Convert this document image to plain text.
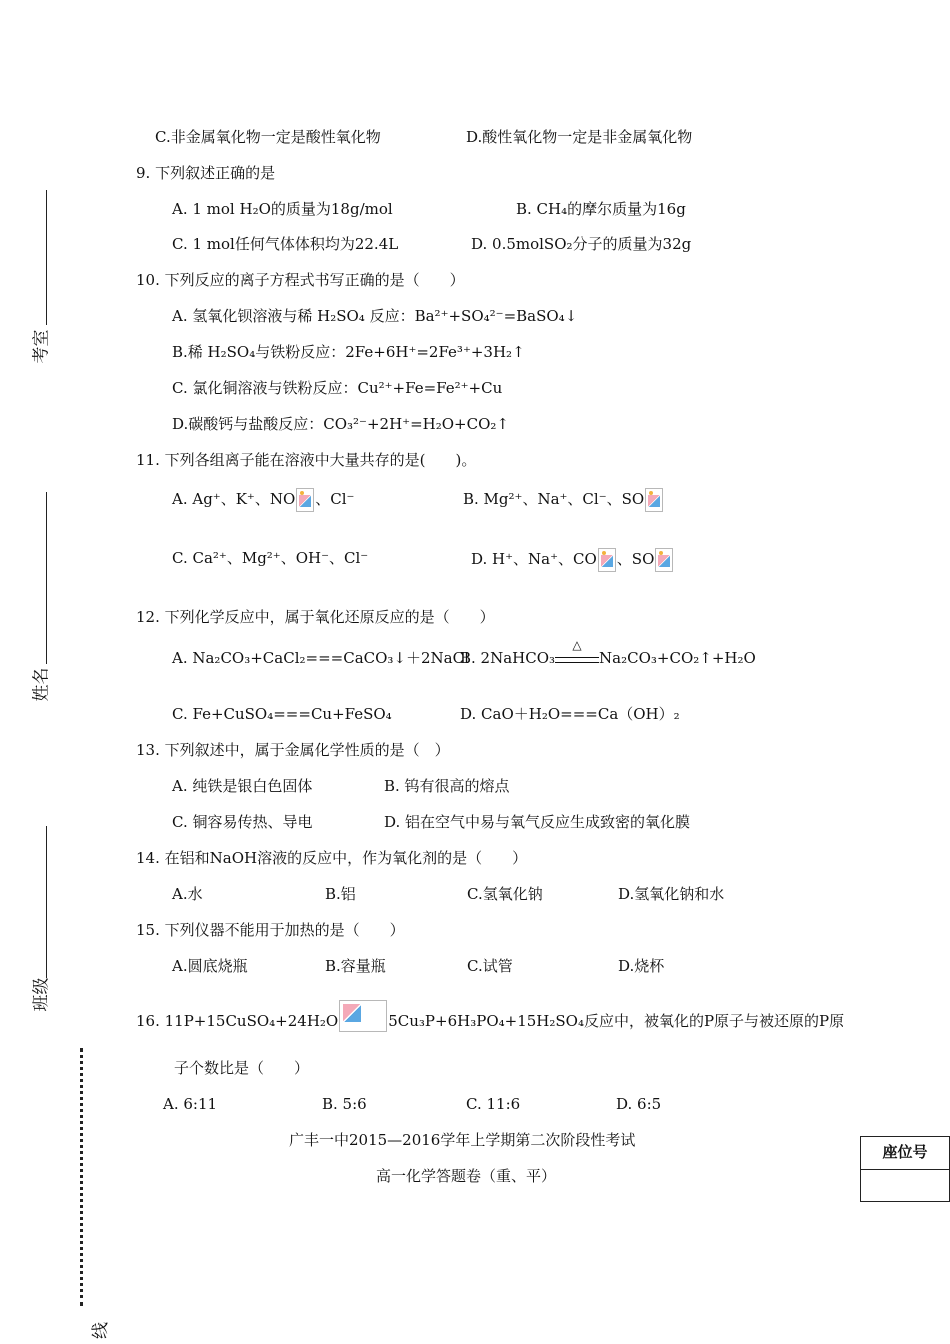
考室
姓名
班级
线
C.非金属氧化物一定是酸性氧化物	D.酸性氧化物一定是非金属氧化物
9. 下列叙述正确的是
A. 1 mol H₂O的质量为18g/mol	B. CH₄的摩尔质量为16g
C. 1 mol任何气体体积均为22.4L	D. 0.5molSO₂分子的质量为32g
10. 下列反应的离子方程式书写正确的是（　　）
A. 氢氧化钡溶液与稀 H₂SO₄ 反应：Ba²⁺+SO₄²⁻=BaSO₄↓
B.稀 H₂SO₄与铁粉反应：2Fe+6H⁺=2Fe³⁺+3H₂↑
C. 氯化铜溶液与铁粉反应：Cu²⁺+Fe=Fe²⁺+Cu
D.碳酸钙与盐酸反应：CO₃²⁻+2H⁺=H₂O+CO₂↑
11. 下列各组离子能在溶液中大量共存的是(　　)。
A. Ag⁺、K⁺、NO 、Cl⁻	B. Mg²⁺、Na⁺、Cl⁻、SO
C. Ca²⁺、Mg²⁺、OH⁻、Cl⁻	D. H⁺、Na⁺、CO 、SO
12. 下列化学反应中，属于氧化还原反应的是（　　）
A. Na₂CO₃+CaCl₂===CaCO₃↓＋2NaCl
B. 2NaHCO₃
△
Na₂CO₃+CO₂↑+H₂O
C. Fe+CuSO₄===Cu+FeSO₄	D. CaO＋H₂O===Ca（OH）₂
13. 下列叙述中，属于金属化学性质的是（　）
A. 纯铁是银白色固体	B. 钨有很高的熔点
C. 铜容易传热、导电	D. 铝在空气中易与氧气反应生成致密的氧化膜
14. 在铝和NaOH溶液的反应中，作为氧化剂的是（　　）
A.水	B.铝	C.氢氧化钠	D.氢氧化钠和水
15. 下列仪器不能用于加热的是（　　）
A.圆底烧瓶	B.容量瓶	C.试管	D.烧杯
16. 11P+15CuSO₄+24H₂O	5Cu₃P+6H₃PO₄+15H₂SO₄反应中，被氧化的P原子与被还原的P原
子个数比是（　　）
A. 6:11	B. 5:6	C. 11:6	D. 6:5
广丰一中2015—2016学年上学期第二次阶段性考试
高一化学答题卷（重、平）
座位号
